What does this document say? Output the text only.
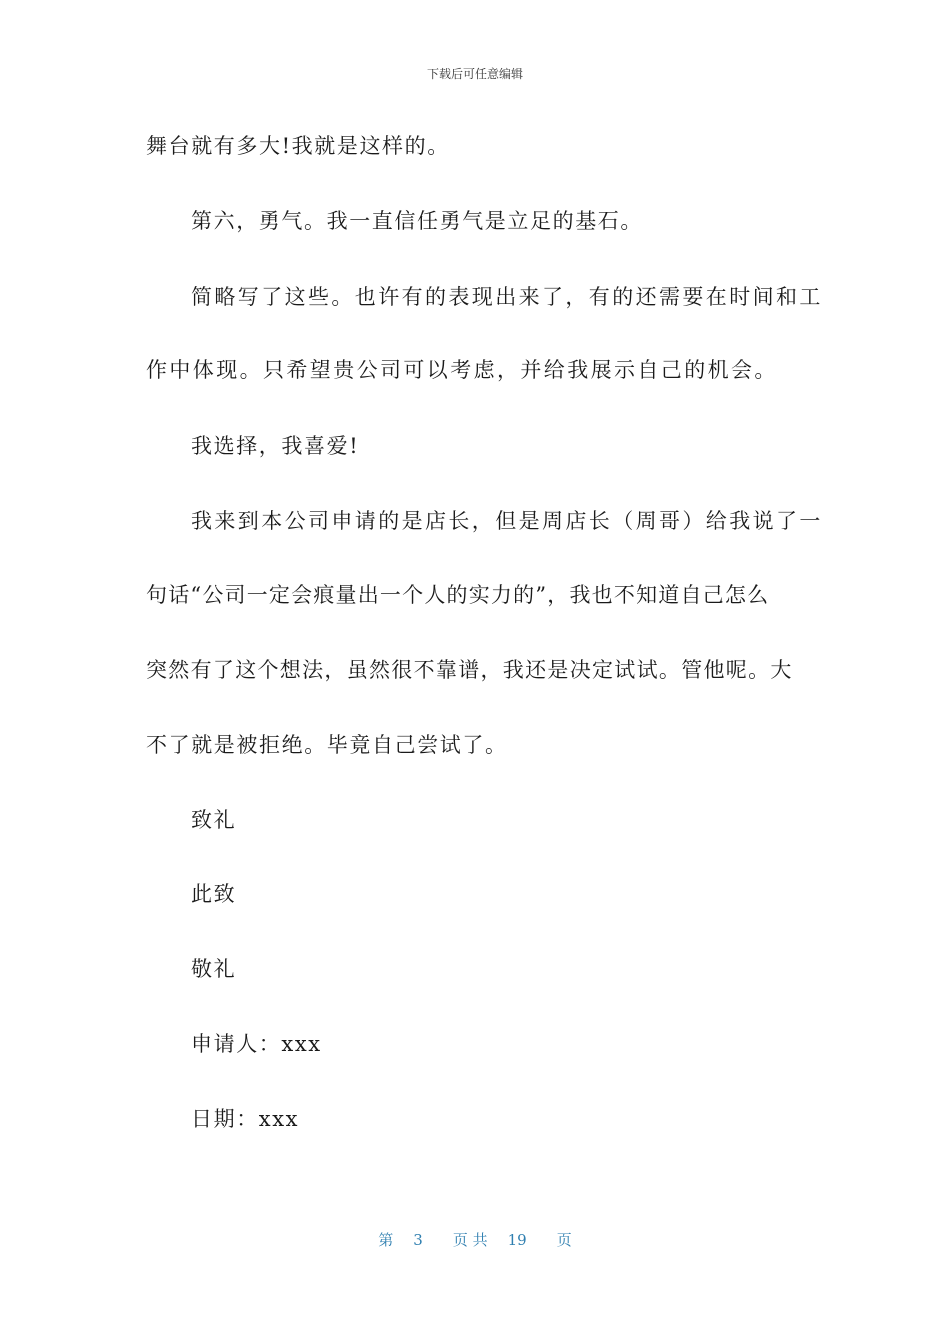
下载后可任意编辑
舞台就有多大!我就是这样的。
第六，勇气。我一直信任勇气是立足的基石。
简略写了这些。也许有的表现出来了，有的还需要在时间和工
作中体现。只希望贵公司可以考虑，并给我展示自己的机会。
我选择，我喜爱!
我来到本公司申请的是店长，但是周店长（周哥）给我说了一
句话“公司一定会痕量出一个人的实力的”，我也不知道自己怎么
突然有了这个想法，虽然很不靠谱，我还是决定试试。管他呢。大
不了就是被拒绝。毕竟自己尝试了。
致礼
此致
敬礼
申请人：xxx
日期：xxx
第 3 页 共 19 页
